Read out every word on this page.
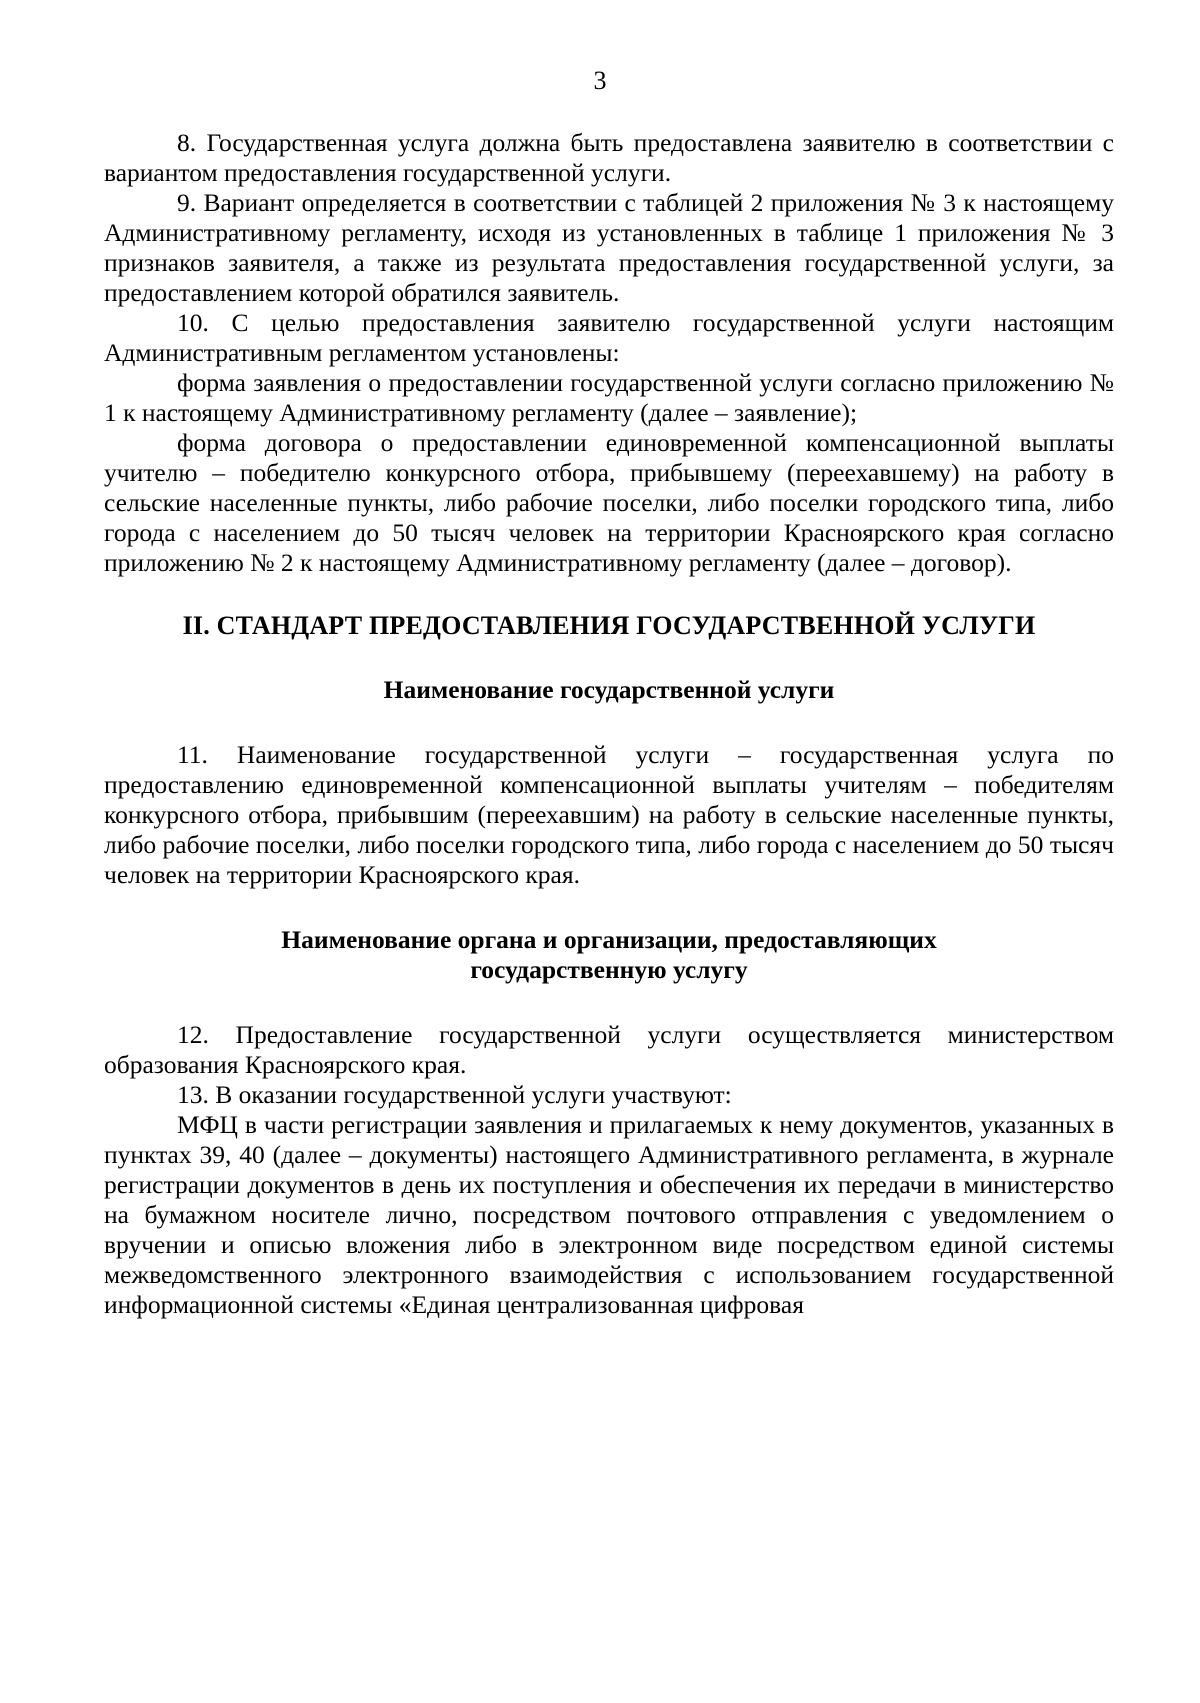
3

8. Государственная услуга должна быть предоставлена заявителю в соответствии с вариантом предоставления государственной услуги.

9. Вариант определяется в соответствии с таблицей 2 приложения № 3 к настоящему Административному регламенту, исходя из установленных в таблице 1 приложения № 3 признаков заявителя, а также из результата предоставления государственной услуги, за предоставлением которой обратился заявитель.

10. С целью предоставления заявителю государственной услуги настоящим Административным регламентом установлены:

форма заявления о предоставлении государственной услуги согласно приложению № 1 к настоящему Административному регламенту (далее – заявление);

форма договора о предоставлении единовременной компенсационной выплаты учителю – победителю конкурсного отбора, прибывшему (переехавшему) на работу в сельские населенные пункты, либо рабочие поселки, либо поселки городского типа, либо города с населением до 50 тысяч человек на территории Красноярского края согласно приложению № 2 к настоящему Административному регламенту (далее – договор).

II. СТАНДАРТ ПРЕДОСТАВЛЕНИЯ ГОСУДАРСТВЕННОЙ УСЛУГИ
Наименование государственной услуги

11. Наименование государственной услуги – государственная услуга по предоставлению единовременной компенсационной выплаты учителям – победителям конкурсного отбора, прибывшим (переехавшим) на работу в сельские населенные пункты, либо рабочие поселки, либо поселки городского типа, либо города с населением до 50 тысяч человек на территории Красноярского края.

Наименование органа и организации, предоставляющих
государственную услугу

12. Предоставление государственной услуги осуществляется министерством образования Красноярского края.

13. В оказании государственной услуги участвуют:

МФЦ в части регистрации заявления и прилагаемых к нему документов, указанных в пунктах 39, 40 (далее – документы) настоящего Административного регламента, в журнале регистрации документов в день их поступления и обеспечения их передачи в министерство на бумажном носителе лично, посредством почтового отправления с уведомлением о вручении и описью вложения либо в электронном виде посредством единой системы межведомственного электронного взаимодействия с использованием государственной информационной системы «Единая централизованная цифровая
